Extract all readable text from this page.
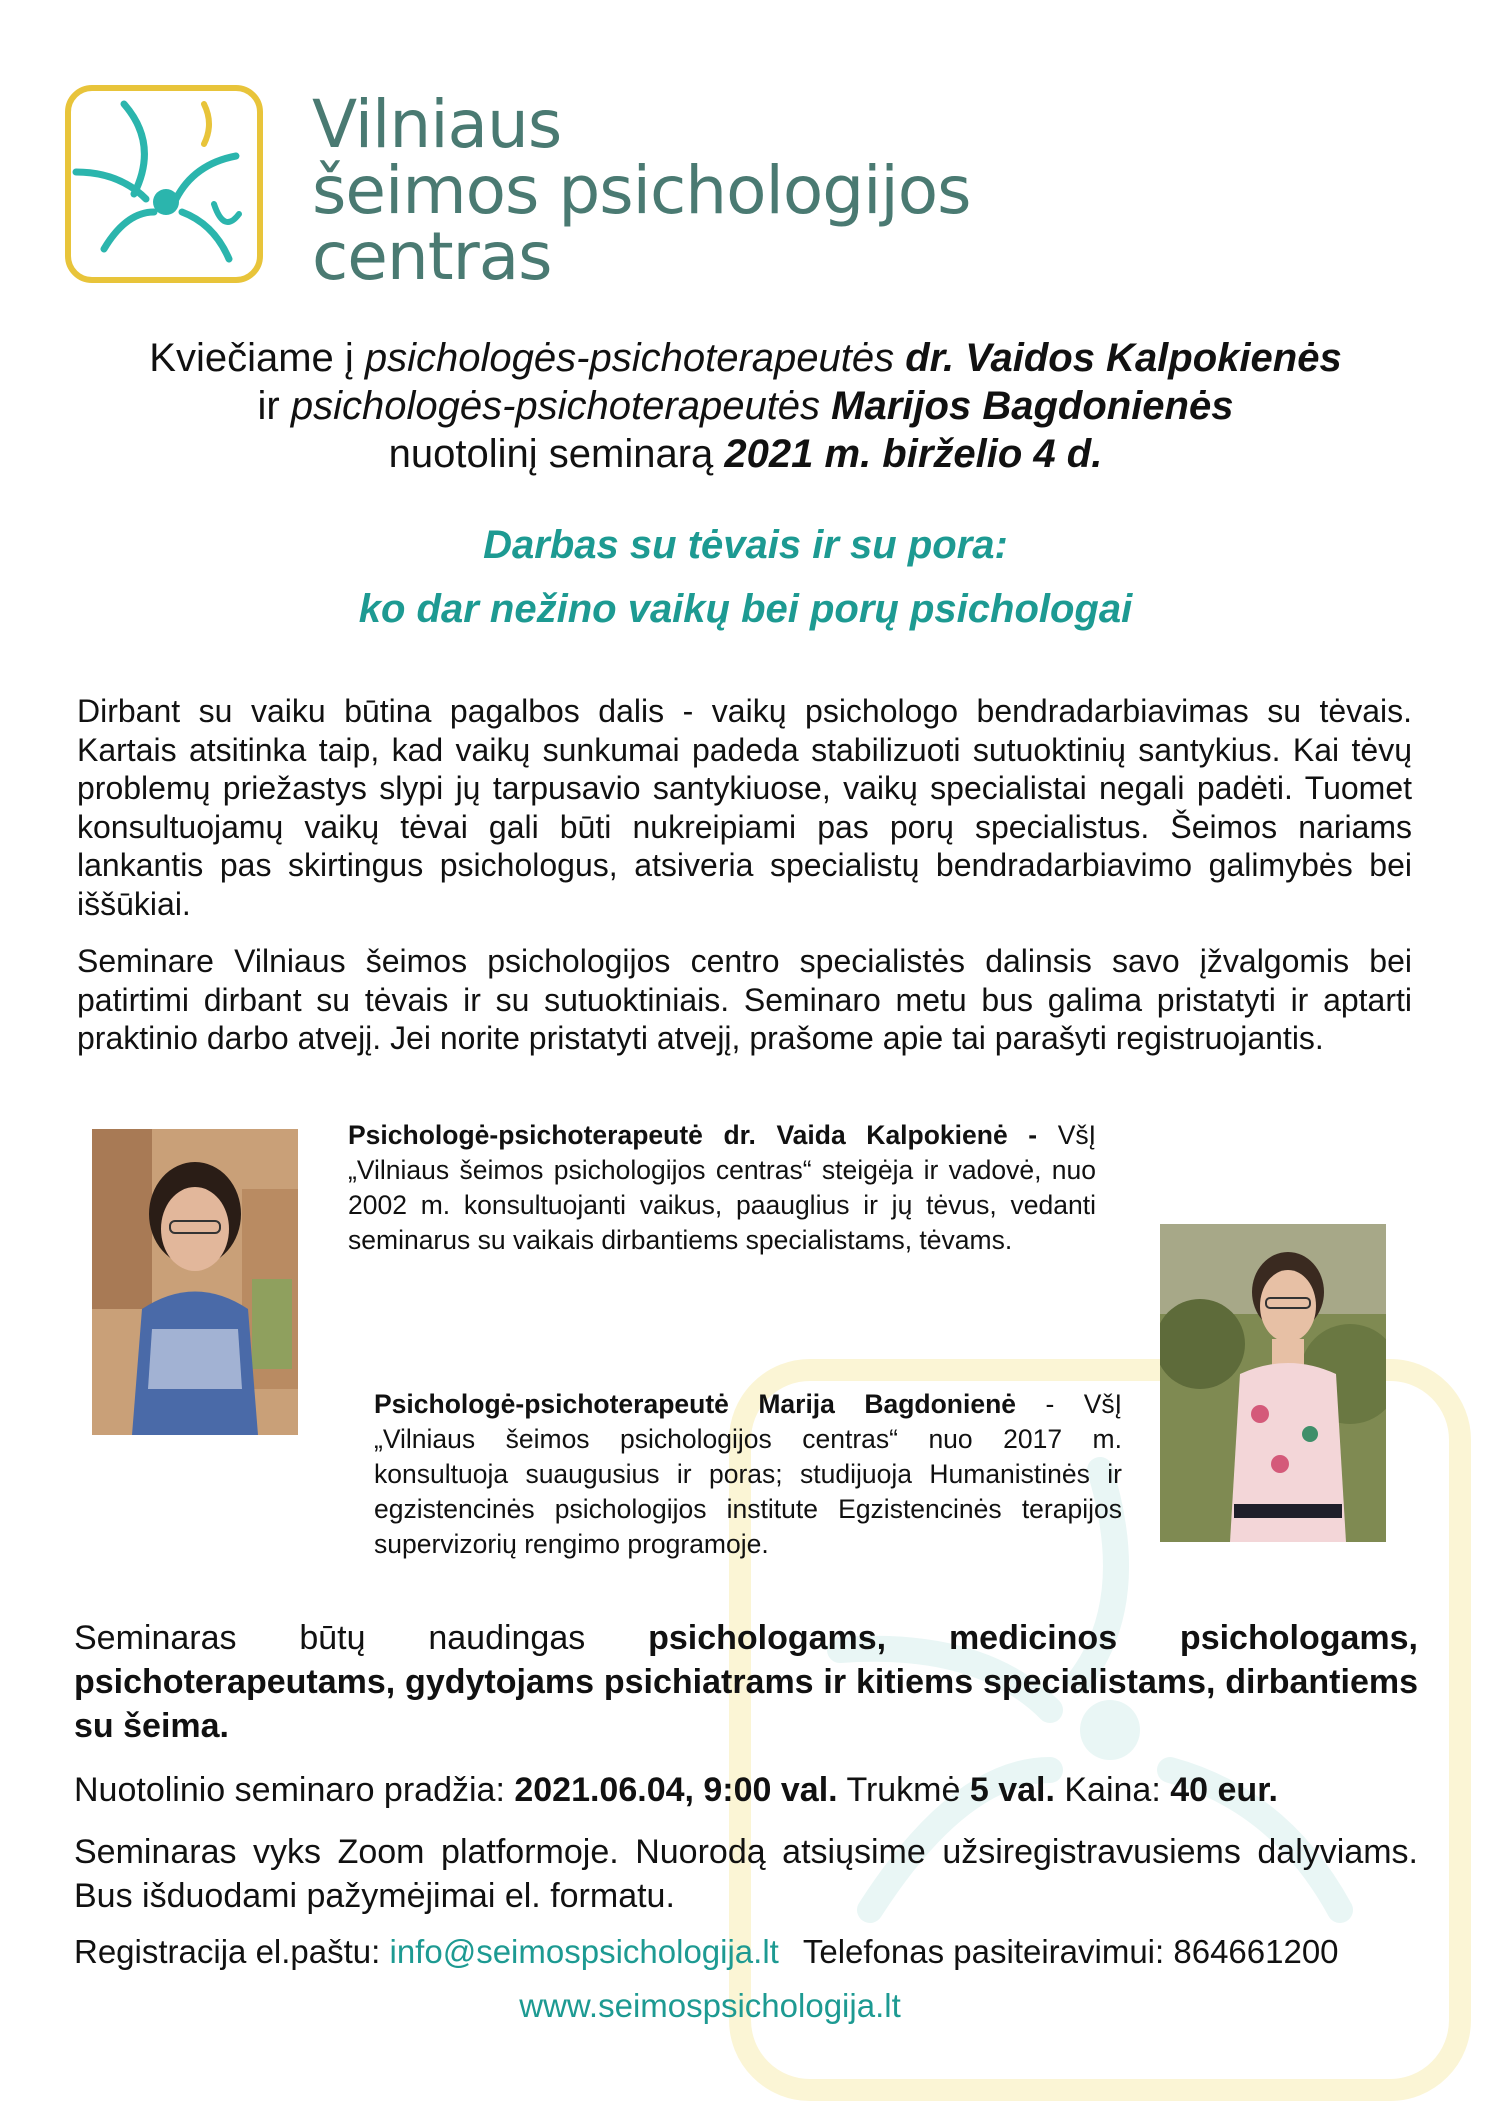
Vilniaus
šeimos psichologijos
centras
Kviečiame į psichologės-psichoterapeutės dr. Vaidos Kalpokienės
ir psichologės-psichoterapeutės Marijos Bagdonienės
nuotolinį seminarą 2021 m. birželio 4 d.
Darbas su tėvais ir su pora:
ko dar nežino vaikų bei porų psichologai
Dirbant su vaiku būtina pagalbos dalis - vaikų psichologo bendradarbiavimas su tėvais. Kartais atsitinka taip, kad vaikų sunkumai padeda stabilizuoti sutuoktinių santykius. Kai tėvų problemų priežastys slypi jų tarpusavio santykiuose, vaikų specialistai negali padėti. Tuomet konsultuojamų vaikų tėvai gali būti nukreipiami pas porų specialistus. Šeimos nariams lankantis pas skirtingus psichologus, atsiveria specialistų bendradarbiavimo galimybės bei iššūkiai.
Seminare Vilniaus šeimos psichologijos centro specialistės dalinsis savo įžvalgomis bei patirtimi dirbant su tėvais ir su sutuoktiniais. Seminaro metu bus galima pristatyti ir aptarti praktinio darbo atvejį. Jei norite pristatyti atvejį, prašome apie tai parašyti registruojantis.
Psichologė-psichoterapeutė dr. Vaida Kalpokienė - VšĮ „Vilniaus šeimos psichologijos centras“ steigėja ir vadovė, nuo 2002 m. konsultuojanti vaikus, paauglius ir jų tėvus, vedanti seminarus su vaikais dirbantiems specialistams, tėvams.
Psichologė-psichoterapeutė Marija Bagdonienė - VšĮ „Vilniaus šeimos psichologijos centras“ nuo 2017 m. konsultuoja suaugusius ir poras; studijuoja Humanistinės ir egzistencinės psichologijos institute Egzistencinės terapijos supervizorių rengimo programoje.
Seminaras būtų naudingas psichologams, medicinos psichologams, psichoterapeutams, gydytojams psichiatrams ir kitiems specialistams, dirbantiems su šeima.
Nuotolinio seminaro pradžia: 2021.06.04, 9:00 val. Trukmė 5 val. Kaina: 40 eur.
Seminaras vyks Zoom platformoje. Nuorodą atsiųsime užsiregistravusiems dalyviams. Bus išduodami pažymėjimai el. formatu.
Registracija el.paštu: info@seimospsichologija.lt Telefonas pasiteiravimui: 864661200
www.seimospsichologija.lt
